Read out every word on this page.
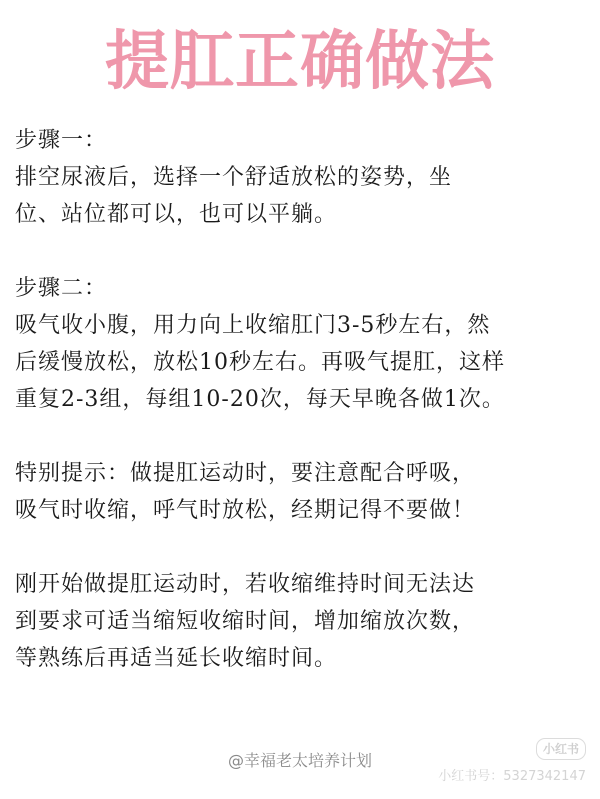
提肛正确做法
步骤一：
排空尿液后，选择一个舒适放松的姿势，坐
位、站位都可以，也可以平躺。
步骤二：
吸气收小腹，用力向上收缩肛门3-5秒左右，然
后缓慢放松，放松10秒左右。再吸气提肛，这样
重复2-3组，每组10-20次，每天早晚各做1次。
特别提示：做提肛运动时，要注意配合呼吸，
吸气时收缩，呼气时放松，经期记得不要做！
刚开始做提肛运动时，若收缩维持时间无法达
到要求可适当缩短收缩时间，增加缩放次数，
等熟练后再适当延长收缩时间。
@幸福老太培养计划
小红书
小红书号：5327342147
